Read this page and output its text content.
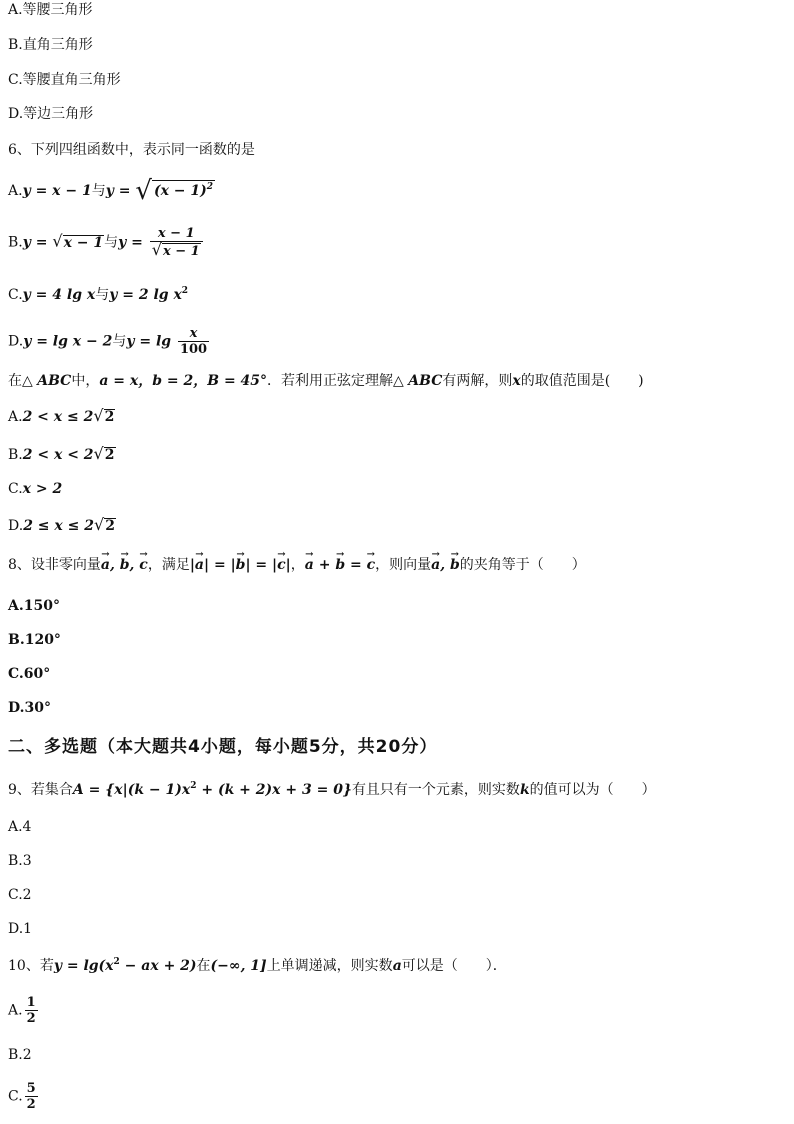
A.等腰三角形
B.直角三角形
C.等腰直角三角形
D.等边三角形
6、下列四组函数中，表示同一函数的是
A.y = x − 1与y = √ $(x - 1)^2$
B.y = √x − 1与$y = \frac{x - 1}{√x - 1}$
C.y = 4 lg x与y = 2 $\lg x^2$
D.y = lg x − 2与$y = \lg \frac{x}{100}$
在△ ABC中，a = x，b = 2，B = 45°．若利用正弦定理解△ ABC有两解，则x的取值范围是(　　)
A.2 < x ≤ 2√2
B.2 < x < 2√2
C.x > 2
D.2 ≤ x ≤ 2√2
8、设非零向量→ a, → b, → c，满足|→ a| = |→ b| = |→ c|，→ a + → b = → c，则向量→ a, → b的夹角等于（　　）
A.150°
B.120°
C.60°
D.30°
二、多选题（本大题共4小题，每小题5分，共20分）
9、若集合$A = \{x|(k - 1)x^2 + (k + 2)x + 3 = 0\}$有且只有一个元素，则实数k的值可以为（　　）
A.4
B.3
C.2
D.1
10、若$y = \lg(x^2$ − ax + 2)在(−∞, 1]上单调递减，则实数a可以是（　　）．
A. $\frac{1}{2}$
B.2
C. $\frac{5}{2}$
